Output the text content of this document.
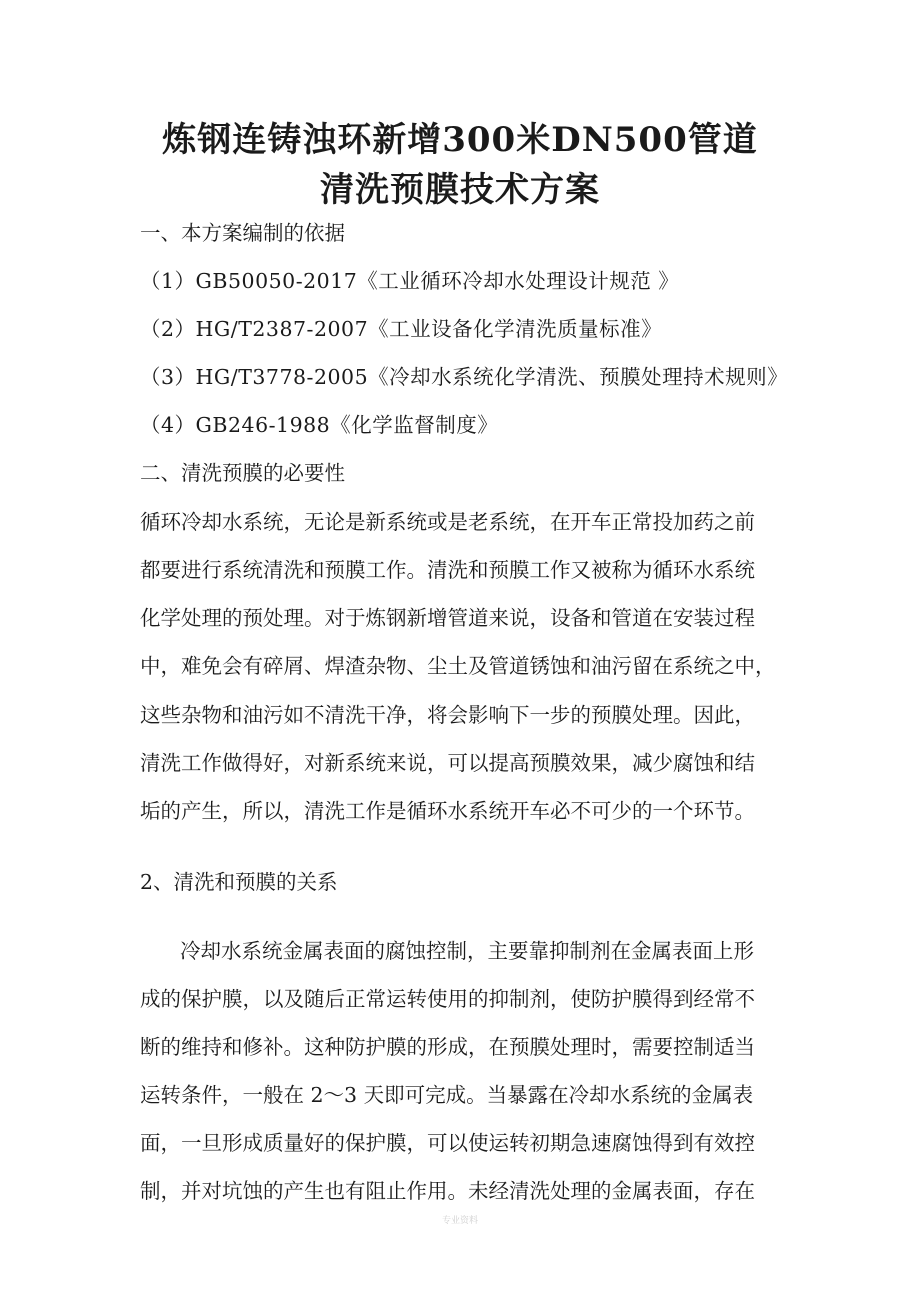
炼钢连铸浊环新增300米DN500管道
清洗预膜技术方案
一、本方案编制的依据
（1）GB50050-2017《工业循环冷却水处理设计规范 》
（2）HG/T2387-2007《工业设备化学清洗质量标准》
（3）HG/T3778-2005《冷却水系统化学清洗、预膜处理持术规则》
（4）GB246-1988《化学监督制度》
二、清洗预膜的必要性
循环冷却水系统，无论是新系统或是老系统，在开车正常投加药之前
都要进行系统清洗和预膜工作。清洗和预膜工作又被称为循环水系统
化学处理的预处理。对于炼钢新增管道来说，设备和管道在安装过程
中，难免会有碎屑、焊渣杂物、尘土及管道锈蚀和油污留在系统之中，
这些杂物和油污如不清洗干净，将会影响下一步的预膜处理。因此，
清洗工作做得好，对新系统来说，可以提高预膜效果，减少腐蚀和结
垢的产生，所以，清洗工作是循环水系统开车必不可少的一个环节。
2、清洗和预膜的关系
冷却水系统金属表面的腐蚀控制，主要靠抑制剂在金属表面上形
成的保护膜，以及随后正常运转使用的抑制剂，使防护膜得到经常不
断的维持和修补。这种防护膜的形成，在预膜处理时，需要控制适当
运转条件，一般在 2～3 天即可完成。当暴露在冷却水系统的金属表
面，一旦形成质量好的保护膜，可以使运转初期急速腐蚀得到有效控
制，并对坑蚀的产生也有阻止作用。未经清洗处理的金属表面，存在
专业资料
